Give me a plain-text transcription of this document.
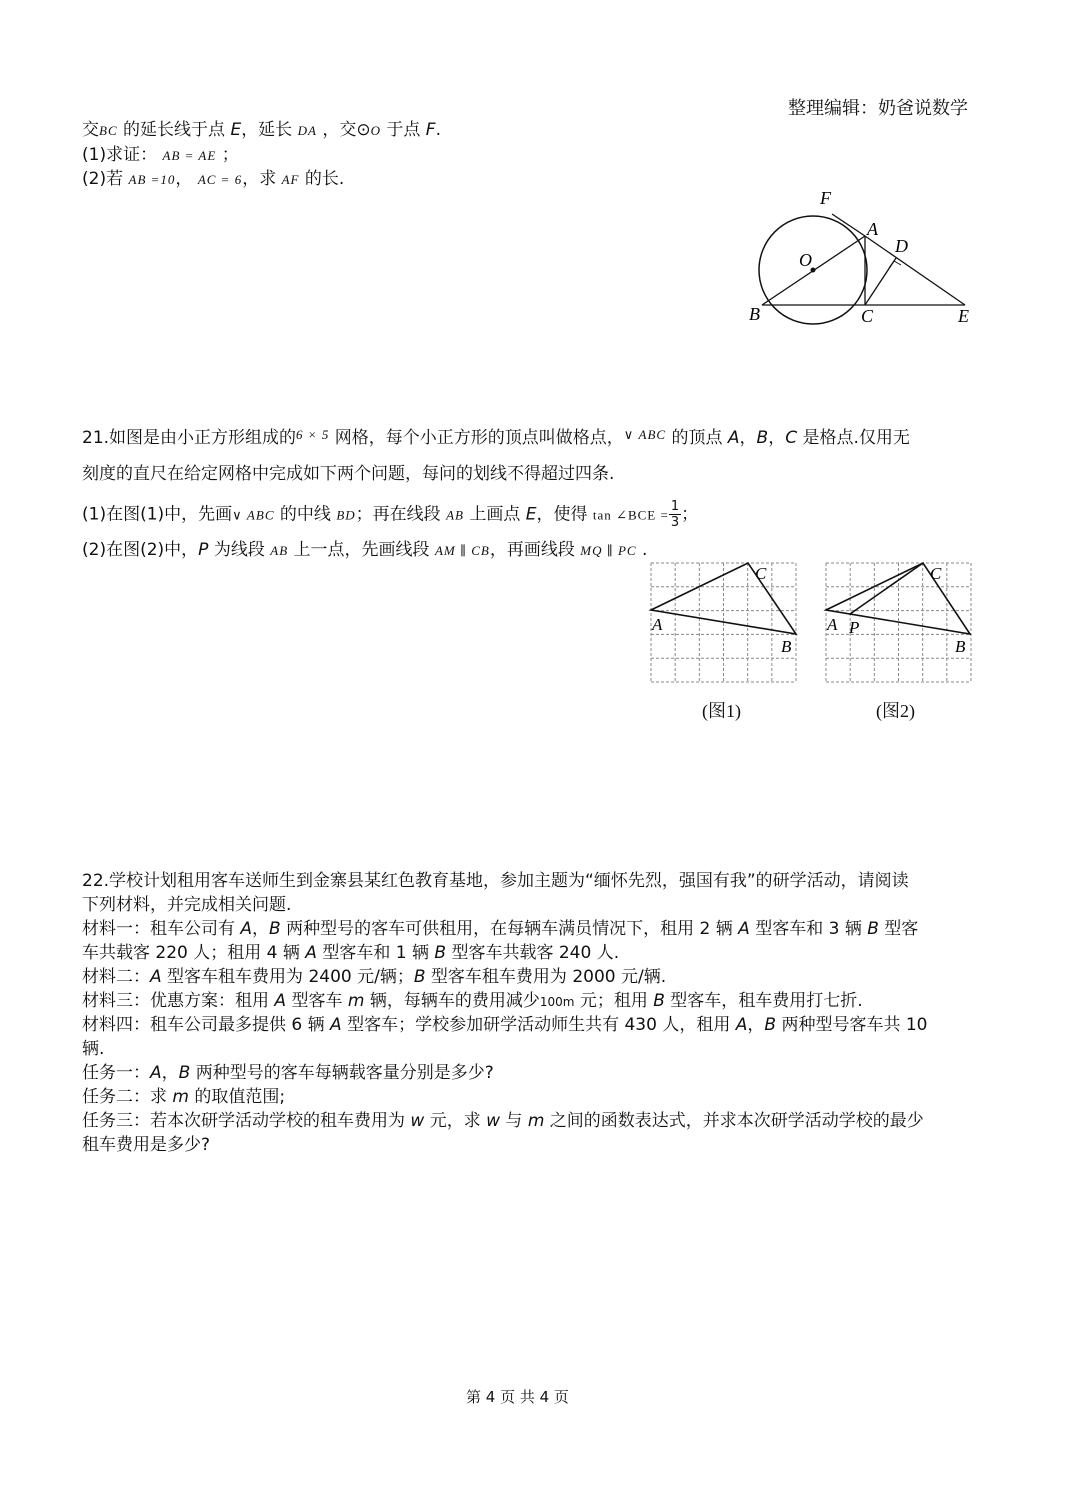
整理编辑：奶爸说数学
交BC 的延长线于点 E，延长 DA ，交⊙O 于点 F.
(1)求证： AB = AE ；
(2)若 AB =10， AC = 6，求 AF 的长.
F
A
D
O
B	C	E
21.如图是由小正方形组成的$^{6 \times 5}$ 网格，每个小正方形的顶点叫做格点，$^{\vee ABC}$ 的顶点 A，B，C 是格点.仅用无
刻度的直尺在给定网格中完成如下两个问题，每问的划线不得超过四条.
(1)在图(1)中，先画∨ ABC 的中线 BD；再在线段 AB 上画点 E，使得 tan ∠BCE = $\frac{1}{3}$ ；
(2)在图(2)中，P 为线段 AB 上一点，先画线段 AM ∥ CB，再画线段 MQ ∥ PC .
C
A
B
C
A P
B
(图1)	(图2)
22.学校计划租用客车送师生到金寨县某红色教育基地，参加主题为“缅怀先烈，强国有我”的研学活动，请阅读
下列材料，并完成相关问题.
材料一：租车公司有 A，B 两种型号的客车可供租用，在每辆车满员情况下，租用 2 辆 A 型客车和 3 辆 B 型客
车共载客 220 人；租用 4 辆 A 型客车和 1 辆 B 型客车共载客 240 人.
材料二：A 型客车租车费用为 2400 元/辆；B 型客车租车费用为 2000 元/辆.
材料三：优惠方案：租用 A 型客车 m 辆，每辆车的费用减少100m 元；租用 B 型客车，租车费用打七折.
材料四：租车公司最多提供 6 辆 A 型客车；学校参加研学活动师生共有 430 人，租用 A，B 两种型号客车共 10
辆.
任务一：A，B 两种型号的客车每辆载客量分别是多少?
任务二：求 m 的取值范围;
任务三：若本次研学活动学校的租车费用为 w 元，求 w 与 m 之间的函数表达式，并求本次研学活动学校的最少
租车费用是多少?
第 4 页 共 4 页
